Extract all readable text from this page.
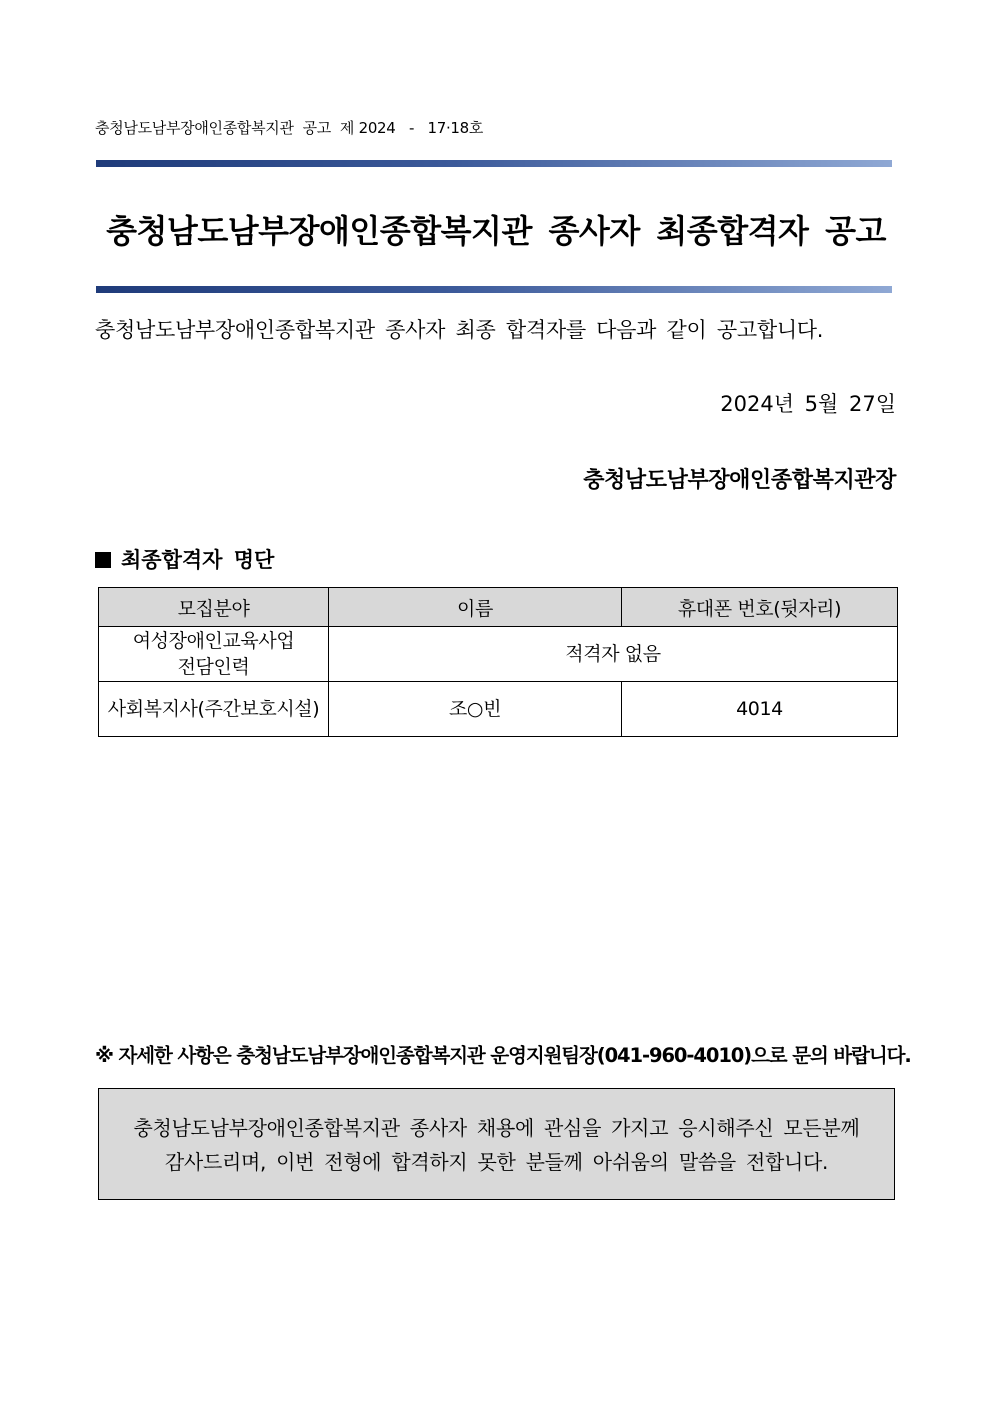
충청남도남부장애인종합복지관  공고  제 2024   -   17·18호
충청남도남부장애인종합복지관 종사자 최종합격자 공고
충청남도남부장애인종합복지관 종사자 최종 합격자를 다음과 같이 공고합니다.
2024년 5월 27일
충청남도남부장애인종합복지관장
최종합격자 명단
모집분야	이름	휴대폰 번호(뒷자리)
여성장애인교육사업
전담인력	적격자 없음	
사회복지사(주간보호시설)	조○빈	4014
※ 자세한 사항은 충청남도남부장애인종합복지관 운영지원팀장(041-960-4010)으로 문의 바랍니다.
충청남도남부장애인종합복지관 종사자 채용에 관심을 가지고 응시해주신 모든분께
감사드리며, 이번 전형에 합격하지 못한 분들께 아쉬움의 말씀을 전합니다.
